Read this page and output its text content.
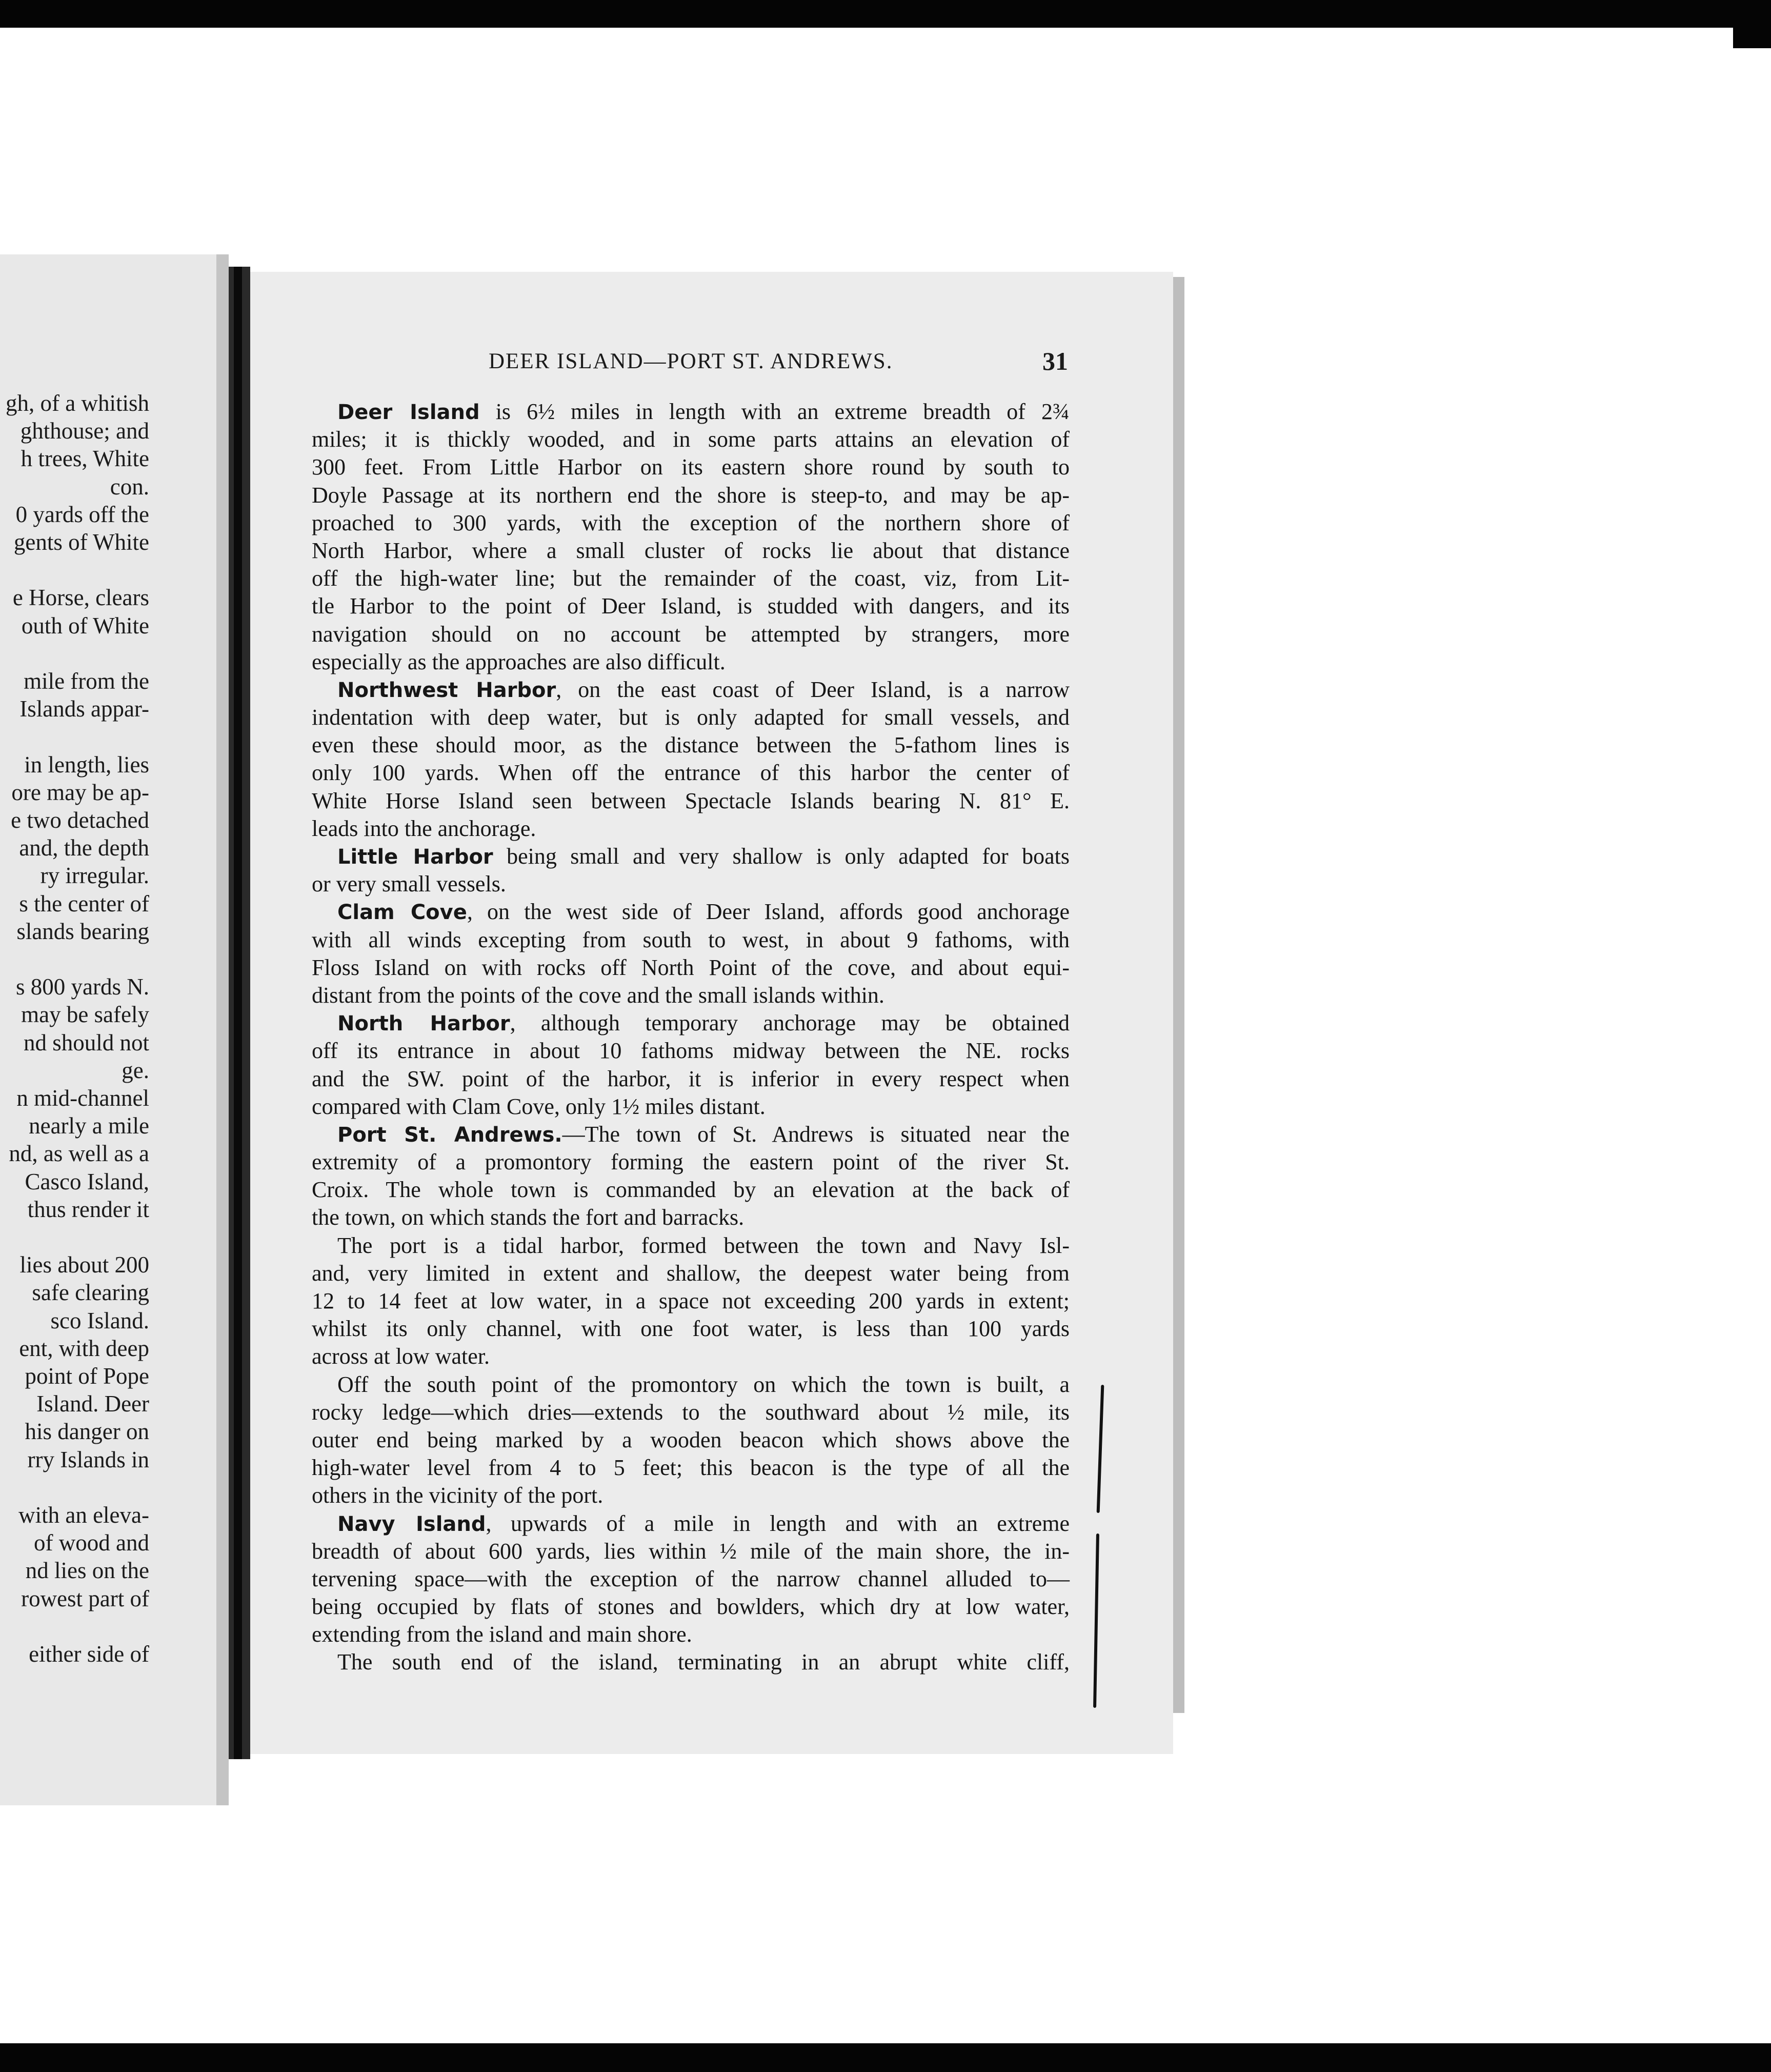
gh, of a whitish
ghthouse; and
h trees, White
con.
0 yards off the
gents of White
e Horse, clears
outh of White
mile from the
Islands appar-
in length, lies
ore may be ap-
e two detached
and, the depth
ry irregular.
s the center of
slands bearing
s 800 yards N.
may be safely
nd should not
ge.
n mid-channel
nearly a mile
nd, as well as a
Casco Island,
thus render it
lies about 200
safe clearing
sco Island.
ent, with deep
point of Pope
Island. Deer
his danger on
rry Islands in
with an eleva-
of wood and
nd lies on the
rowest part of
either side of
DEER ISLAND—PORT ST. ANDREWS.	31
Deer Island is 6½ miles in length with an extreme breadth of 2¾
miles; it is thickly wooded, and in some parts attains an elevation of
300 feet. From Little Harbor on its eastern shore round by south to
Doyle Passage at its northern end the shore is steep-to, and may be ap-
proached to 300 yards, with the exception of the northern shore of
North Harbor, where a small cluster of rocks lie about that distance
off the high-water line; but the remainder of the coast, viz, from Lit-
tle Harbor to the point of Deer Island, is studded with dangers, and its
navigation should on no account be attempted by strangers, more
especially as the approaches are also difficult.
Northwest Harbor, on the east coast of Deer Island, is a narrow
indentation with deep water, but is only adapted for small vessels, and
even these should moor, as the distance between the 5-fathom lines is
only 100 yards. When off the entrance of this harbor the center of
White Horse Island seen between Spectacle Islands bearing N. 81° E.
leads into the anchorage.
Little Harbor being small and very shallow is only adapted for boats
or very small vessels.
Clam Cove, on the west side of Deer Island, affords good anchorage
with all winds excepting from south to west, in about 9 fathoms, with
Floss Island on with rocks off North Point of the cove, and about equi-
distant from the points of the cove and the small islands within.
North Harbor, although temporary anchorage may be obtained
off its entrance in about 10 fathoms midway between the NE. rocks
and the SW. point of the harbor, it is inferior in every respect when
compared with Clam Cove, only 1½ miles distant.
Port St. Andrews.—The town of St. Andrews is situated near the
extremity of a promontory forming the eastern point of the river St.
Croix. The whole town is commanded by an elevation at the back of
the town, on which stands the fort and barracks.
The port is a tidal harbor, formed between the town and Navy Isl-
and, very limited in extent and shallow, the deepest water being from
12 to 14 feet at low water, in a space not exceeding 200 yards in extent;
whilst its only channel, with one foot water, is less than 100 yards
across at low water.
Off the south point of the promontory on which the town is built, a
rocky ledge—which dries—extends to the southward about ½ mile, its
outer end being marked by a wooden beacon which shows above the
high-water level from 4 to 5 feet; this beacon is the type of all the
others in the vicinity of the port.
Navy Island, upwards of a mile in length and with an extreme
breadth of about 600 yards, lies within ½ mile of the main shore, the in-
tervening space—with the exception of the narrow channel alluded to—
being occupied by flats of stones and bowlders, which dry at low water,
extending from the island and main shore.
The south end of the island, terminating in an abrupt white cliff,
